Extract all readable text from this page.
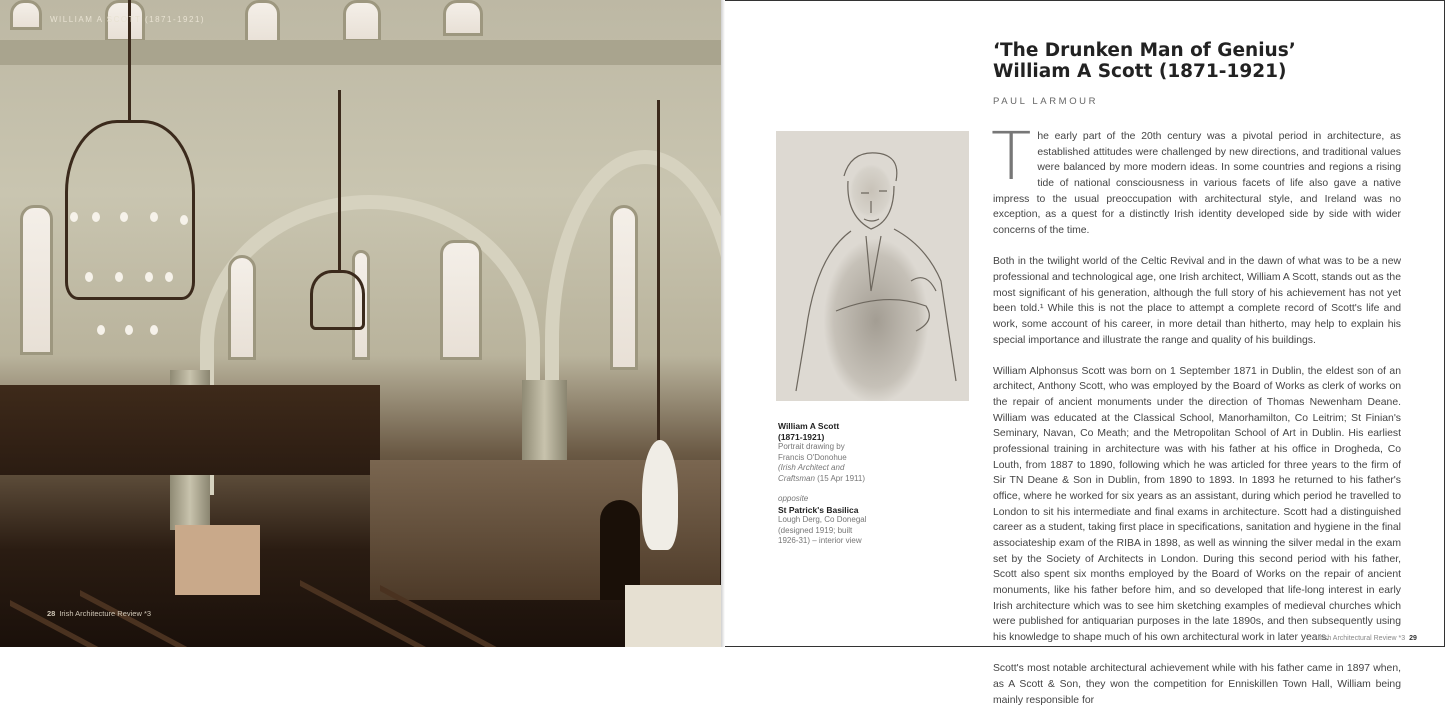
WILLIAM A SCOTT (1871-1921)
28 Irish Architecture Review *3
‘The Drunken Man of Genius’
William A Scott (1871-1921)
PAUL LARMOUR
William A Scott
(1871-1921)
Portrait drawing by
Francis O'Donohue
(Irish Architect and
Craftsman (15 Apr 1911)
opposite
St Patrick's Basilica
Lough Derg, Co Donegal
(designed 1919; built
1926-31) – interior view

The early part of the 20th century was a pivotal period in architecture, as established attitudes were challenged by new directions, and traditional values were balanced by more modern ideas. In some countries and regions a rising tide of national consciousness in various facets of life also gave a native impress to the usual preoccupation with architectural style, and Ireland was no exception, as a quest for a distinctly Irish identity developed side by side with wider concerns of the time.

Both in the twilight world of the Celtic Revival and in the dawn of what was to be a new professional and technological age, one Irish architect, William A Scott, stands out as the most significant of his generation, although the full story of his achievement has not yet been told.¹ While this is not the place to attempt a complete record of Scott's life and work, some account of his career, in more detail than hitherto, may help to explain his special importance and illustrate the range and quality of his buildings.

William Alphonsus Scott was born on 1 September 1871 in Dublin, the eldest son of an architect, Anthony Scott, who was employed by the Board of Works as clerk of works on the repair of ancient monuments under the direction of Thomas Newenham Deane. William was educated at the Classical School, Manorhamilton, Co Leitrim; St Finian's Seminary, Navan, Co Meath; and the Metropolitan School of Art in Dublin. His earliest professional training in architecture was with his father at his office in Drogheda, Co Louth, from 1887 to 1890, following which he was articled for three years to the firm of Sir TN Deane & Son in Dublin, from 1890 to 1893. In 1893 he returned to his father's office, where he worked for six years as an assistant, during which period he travelled to London to sit his intermediate and final exams in architecture. Scott had a distinguished career as a student, taking first place in specifications, sanitation and hygiene in the final associateship exam of the RIBA in 1898, as well as winning the silver medal in the exam set by the Society of Architects in London. During this second period with his father, Scott also spent six months employed by the Board of Works on the repair of ancient monuments, like his father before him, and so developed that life-long interest in early Irish architecture which was to see him sketching examples of medieval churches which were published for antiquarian purposes in the late 1890s, and then subsequently using his knowledge to shape much of his own architectural work in later years.

Scott's most notable architectural achievement while with his father came in 1897 when, as A Scott & Son, they won the competition for Enniskillen Town Hall, William being mainly responsible for

Irish Architectural Review *3 29
